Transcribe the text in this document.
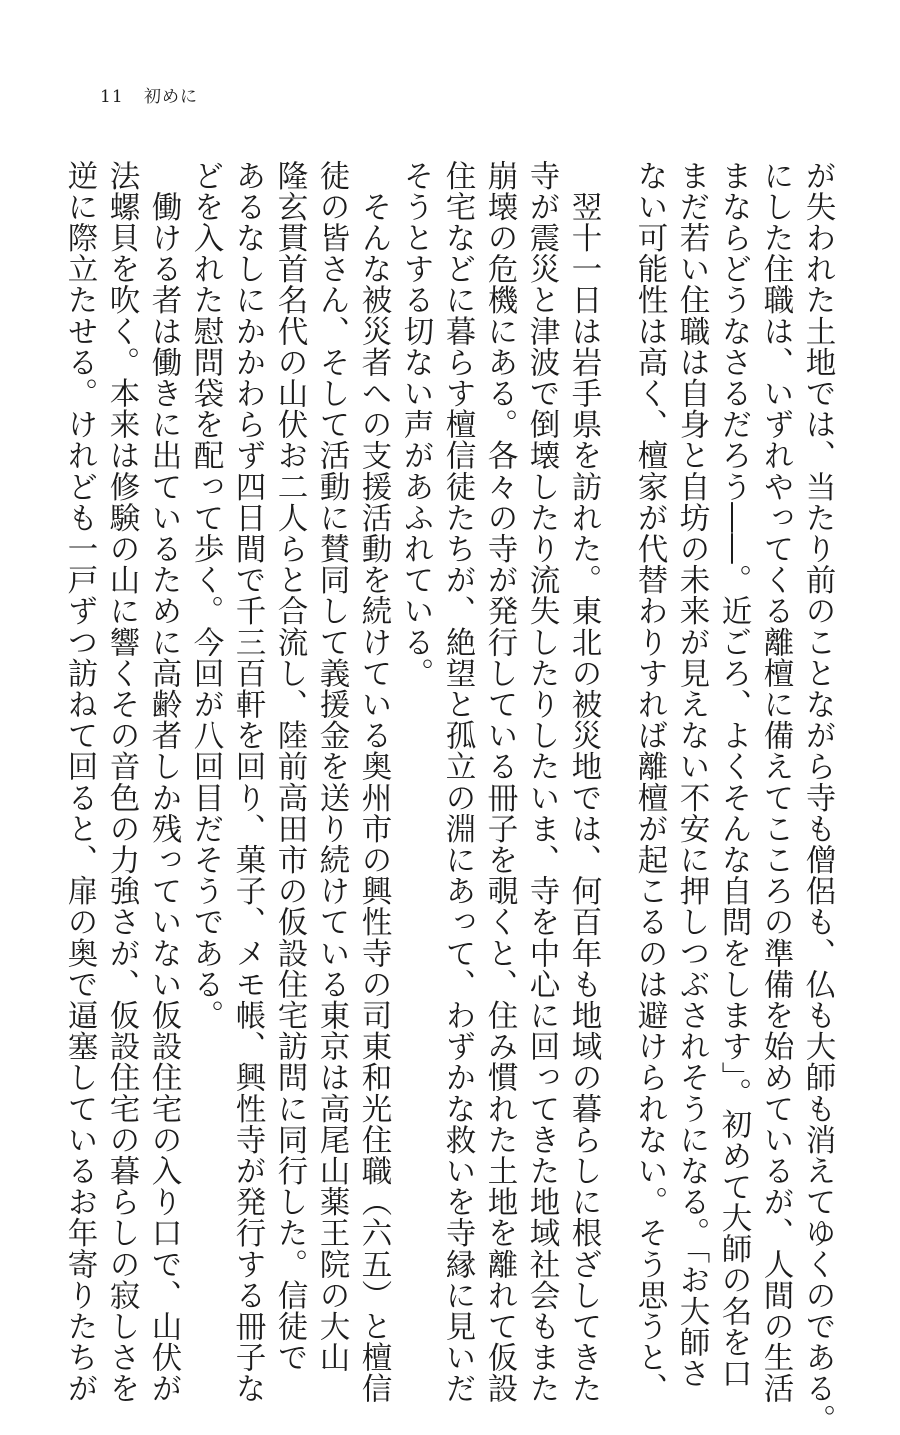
11 初めに

が失われた土地では、当たり前のことながら寺も僧侶も、仏も大師も消えてゆくのである。

にした住職は、いずれやってくる離檀に備えてこころの準備を始めているが、人間の生活

まならどうなさるだろう――。近ごろ、よくそんな自問をします」。初めて大師の名を口

まだ若い住職は自身と自坊の未来が見えない不安に押しつぶされそうになる。「お大師さ

ない可能性は高く、檀家が代替わりすれば離檀が起こるのは避けられない。そう思うと、

　翌十一日は岩手県を訪れた。東北の被災地では、何百年も地域の暮らしに根ざしてきた

寺が震災と津波で倒壊したり流失したりしたいま、寺を中心に回ってきた地域社会もまた

崩壊の危機にある。各々の寺が発行している冊子を覗くと、住み慣れた土地を離れて仮設

住宅などに暮らす檀信徒たちが、絶望と孤立の淵にあって、わずかな救いを寺縁に見いだ

そうとする切ない声があふれている。

　そんな被災者への支援活動を続けている奥州市の興性寺の司東和光住職（六五）と檀信

徒の皆さん、そして活動に賛同して義援金を送り続けている東京は高尾山薬王院の大山

隆玄貫首名代の山伏お二人らと合流し、陸前高田市の仮設住宅訪問に同行した。信徒で

あるなしにかかわらず四日間で千三百軒を回り、菓子、メモ帳、興性寺が発行する冊子な

どを入れた慰問袋を配って歩く。今回が八回目だそうである。

　働ける者は働きに出ているために高齢者しか残っていない仮設住宅の入り口で、山伏が

法螺貝を吹く。本来は修験の山に響くその音色の力強さが、仮設住宅の暮らしの寂しさを

逆に際立たせる。けれども一戸ずつ訪ねて回ると、扉の奥で逼塞しているお年寄りたちが
